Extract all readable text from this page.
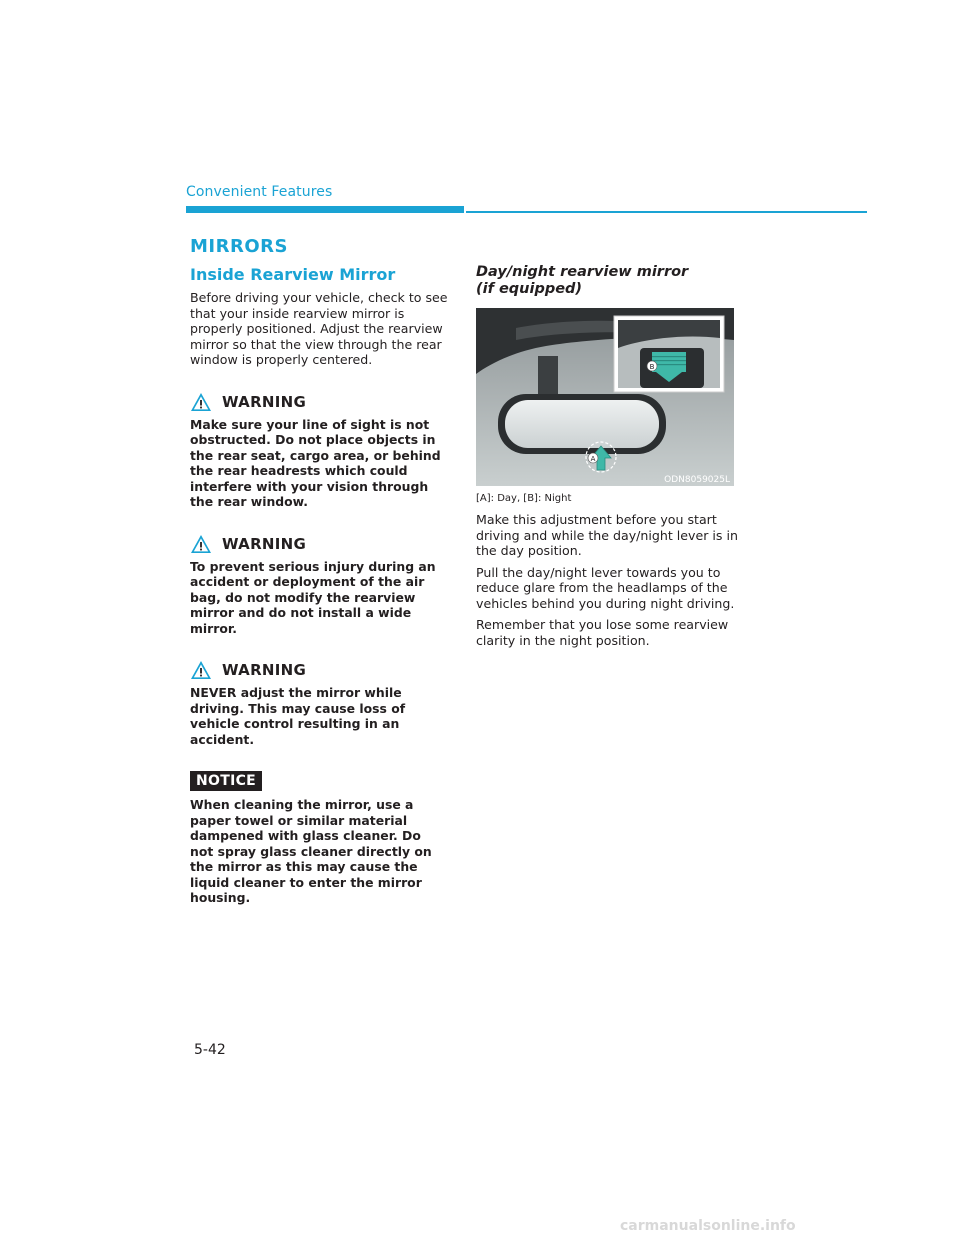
Convenient Features
MIRRORS
Inside Rearview Mirror

Before driving your vehicle, check to see that your inside rearview mirror is properly positioned. Adjust the rearview mirror so that the view through the rear window is properly centered.

WARNING

Make sure your line of sight is not obstructed. Do not place objects in the rear seat, cargo area, or behind the rear headrests which could interfere with your vision through the rear window.

WARNING

To prevent serious injury during an accident or deployment of the air bag, do not modify the rearview mirror and do not install a wide mirror.

WARNING

NEVER adjust the mirror while driving. This may cause loss of vehicle control resulting in an accident.

NOTICE

When cleaning the mirror, use a paper towel or similar material dampened with glass cleaner. Do not spray glass cleaner directly on the mirror as this may cause the liquid cleaner to enter the mirror housing.

Day/night rearview mirror
(if equipped)
A
B
ODN8059025L

[A]: Day, [B]: Night

Make this adjustment before you start driving and while the day/night lever is in the day position.

Pull the day/night lever towards you to reduce glare from the headlamps of the vehicles behind you during night driving.

Remember that you lose some rearview clarity in the night position.

5-42
carmanualsonline.info
